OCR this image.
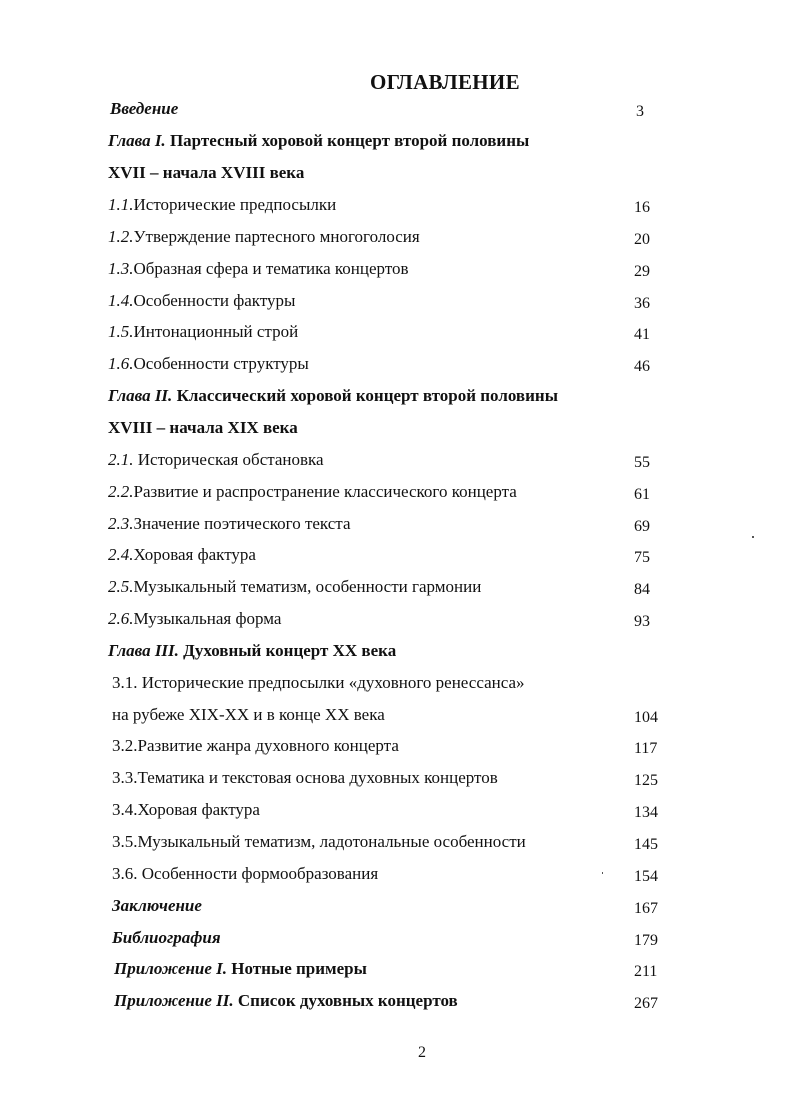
ОГЛАВЛЕНИЕ
Введение	3
Глава I. Партесный хоровой концерт второй половины
XVII – начала XVIII века
1.1.Исторические предпосылки	16
1.2.Утверждение партесного многоголосия	20
1.3.Образная сфера и тематика концертов	29
1.4.Особенности фактуры	36
1.5.Интонационный строй	41
1.6.Особенности структуры	46
Глава II. Классический хоровой концерт второй половины
XVIII – начала XIX века
2.1. Историческая обстановка	55
2.2.Развитие и распространение классического концерта	61
2.3.Значение поэтического текста	69
2.4.Хоровая фактура	75
2.5.Музыкальный тематизм, особенности гармонии	84
2.6.Музыкальная форма	93
Глава III. Духовный концерт XX века
3.1. Исторические предпосылки «духовного ренессанса»
на рубеже XIX-XX и в конце XX века	104
3.2.Развитие жанра духовного концерта	117
3.3.Тематика и текстовая основа духовных концертов	125
3.4.Хоровая фактура	134
3.5.Музыкальный тематизм, ладотональные особенности	145
3.6. Особенности формообразования	154
Заключение	167
Библиография	179
Приложение I. Нотные примеры	211
Приложение II. Список духовных концертов	267
2
